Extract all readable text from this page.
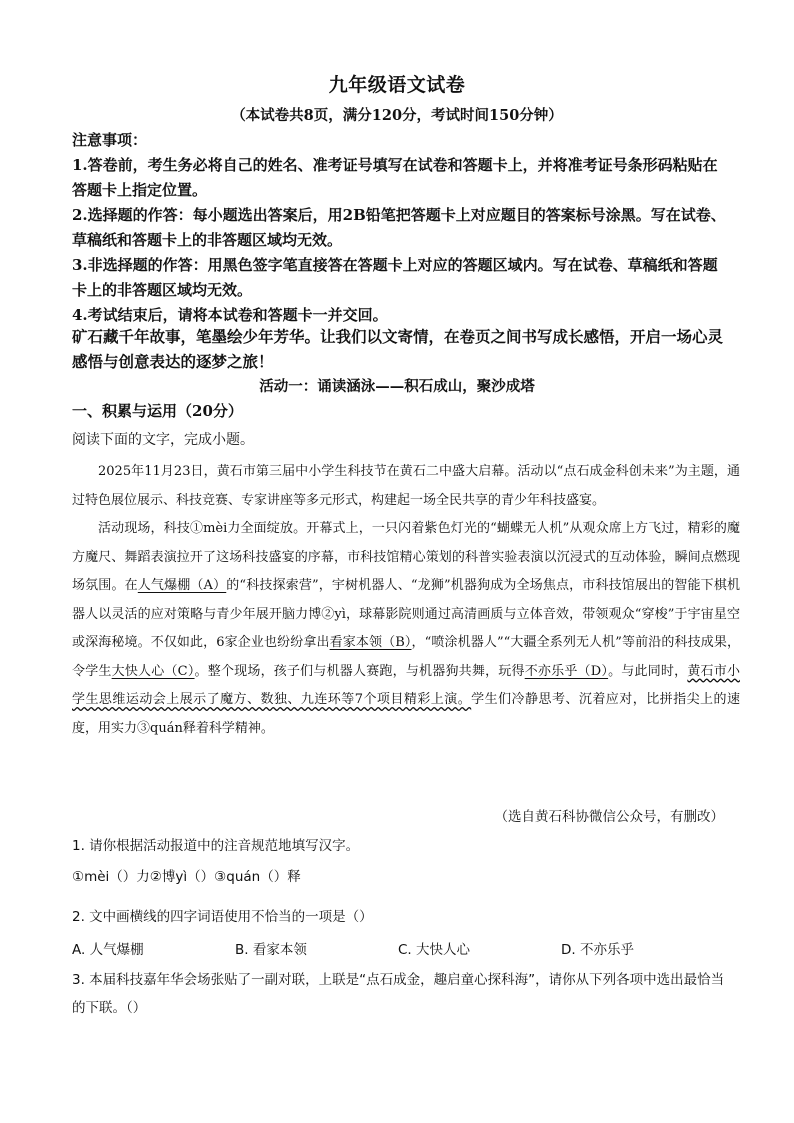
九年级语文试卷
（本试卷共8页，满分120分，考试时间150分钟）

注意事项：

1.答卷前，考生务必将自己的姓名、准考证号填写在试卷和答题卡上，并将准考证号条形码粘贴在答题卡上指定位置。

2.选择题的作答：每小题选出答案后，用2B铅笔把答题卡上对应题目的答案标号涂黑。写在试卷、草稿纸和答题卡上的非答题区域均无效。

3.非选择题的作答：用黑色签字笔直接答在答题卡上对应的答题区域内。写在试卷、草稿纸和答题卡上的非答题区域均无效。

4.考试结束后，请将本试卷和答题卡一并交回。

矿石藏千年故事，笔墨绘少年芳华。让我们以文寄情，在卷页之间书写成长感悟，开启一场心灵感悟与创意表达的逐梦之旅！
活动一：诵读涵泳——积石成山，聚沙成塔
一、积累与运用（20分）
阅读下面的文字，完成小题。

2025年11月23日，黄石市第三届中小学生科技节在黄石二中盛大启幕。活动以“点石成金科创未来”为主题，通过特色展位展示、科技竞赛、专家讲座等多元形式，构建起一场全民共享的青少年科技盛宴。

活动现场，科技①mèi力全面绽放。开幕式上，一只闪着紫色灯光的“蝴蝶无人机”从观众席上方飞过，精彩的魔方魔尺、舞蹈表演拉开了这场科技盛宴的序幕，市科技馆精心策划的科普实验表演以沉浸式的互动体验，瞬间点燃现场氛围。在人气爆棚（A）的“科技探索营”，宇树机器人、“龙狮”机器狗成为全场焦点，市科技馆展出的智能下棋机器人以灵活的应对策略与青少年展开脑力博②yì，球幕影院则通过高清画质与立体音效，带领观众“穿梭”于宇宙星空或深海秘境。不仅如此，6家企业也纷纷拿出看家本领（B），“喷涂机器人”“大疆全系列无人机”等前沿的科技成果，令学生大快人心（C）。整个现场，孩子们与机器人赛跑，与机器狗共舞，玩得不亦乐乎（D）。与此同时，黄石市小学生思维运动会上展示了魔方、数独、九连环等7个项目精彩上演。学生们冷静思考、沉着应对，比拼指尖上的速度，用实力③quán释着科学精神。

（选自黄石科协微信公众号，有删改）
1. 请你根据活动报道中的注音规范地填写汉字。
①mèi（）力②博yì（）③quán（）释
2. 文中画横线的四字词语使用不恰当的一项是（）
A. 人气爆棚	B. 看家本领	C. 大快人心	D. 不亦乐乎
3. 本届科技嘉年华会场张贴了一副对联，上联是“点石成金，趣启童心探科海”，请你从下列各项中选出最恰当的下联。（）
